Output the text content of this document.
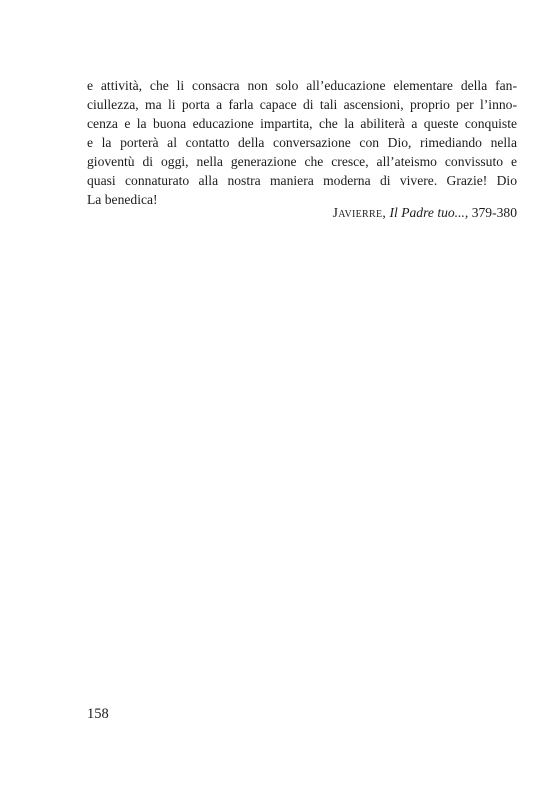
e attività, che li consacra non solo all’educazione elementare della fan-
ciullezza, ma li porta a farla capace di tali ascensioni, proprio per l’inno-
cenza e la buona educazione impartita, che la abiliterà a queste conquiste
e la porterà al contatto della conversazione con Dio, rimediando nella
gioventù di oggi, nella generazione che cresce, all’ateismo convissuto e
quasi connaturato alla nostra maniera moderna di vivere. Grazie! Dio
La benedica!
Javierre, Il Padre tuo..., 379-380
158
